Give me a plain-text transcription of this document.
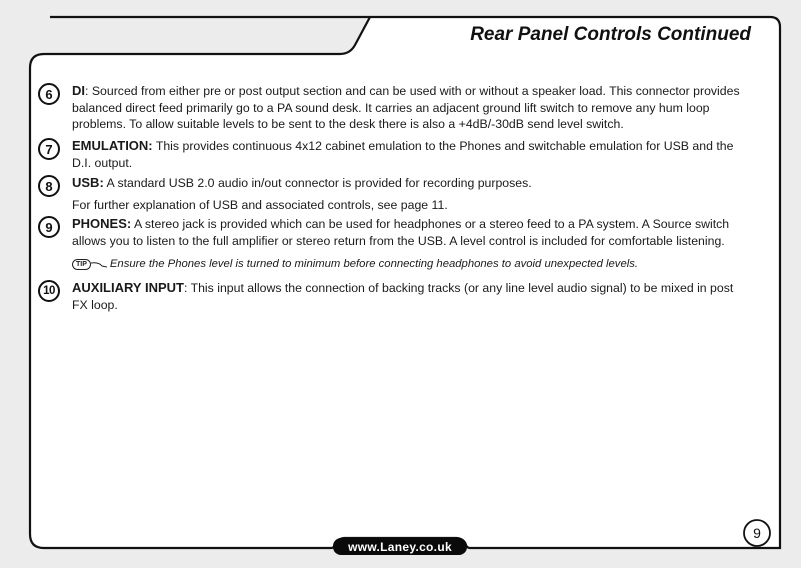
Rear Panel Controls Continued
6	DI: Sourced from either pre or post output section and can be used with or without a speaker load. This connector provides balanced direct feed primarily go to a PA sound desk. It carries an adjacent ground lift switch to remove any hum loop problems. To allow suitable levels to be sent to the desk there is also a +4dB/-30dB send level switch.
7	EMULATION: This provides continuous 4x12 cabinet emulation to the Phones and switchable emulation for USB and the D.I. output.
8	USB: A standard USB 2.0 audio in/out connector is provided for recording purposes.
For further explanation of USB and associated controls, see page 11.
9	PHONES: A stereo jack is provided which can be used for headphones or a stereo feed to a PA system. A Source switch allows you to listen to the full amplifier or stereo return from the USB. A level control is included for comfortable listening.
TIP	Ensure the Phones level is turned to minimum before connecting headphones to avoid unexpected levels.
10	AUXILIARY INPUT: This input allows the connection of backing tracks (or any line level audio signal) to be mixed in post FX loop.
www.Laney.co.uk
9
